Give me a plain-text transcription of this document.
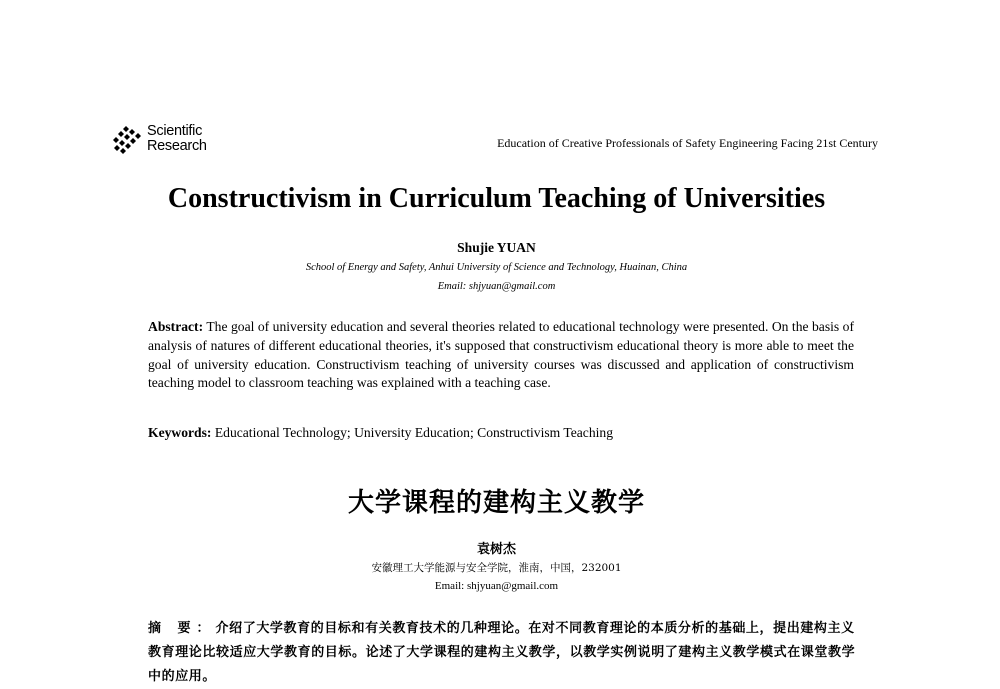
Scientific
Research	Education of Creative Professionals of Safety Engineering Facing 21st Century
Constructivism in Curriculum Teaching of Universities
Shujie YUAN
School of Energy and Safety, Anhui University of Science and Technology, Huainan, China
Email: shjyuan@gmail.com
Abstract: The goal of university education and several theories related to educational technology were presented. On the basis of analysis of natures of different educational theories, it's supposed that constructivism educational theory is more able to meet the goal of university education. Constructivism teaching of university courses was discussed and application of constructivism teaching model to classroom teaching was explained with a teaching case.
Keywords: Educational Technology; University Education; Constructivism Teaching
大学课程的建构主义教学
袁树杰
安徽理工大学能源与安全学院，淮南，中国，232001
Email: shjyuan@gmail.com
摘 要：介绍了大学教育的目标和有关教育技术的几种理论。在对不同教育理论的本质分析的基础上，提出建构主义教育理论比较适应大学教育的目标。论述了大学课程的建构主义教学，以教学实例说明了建构主义教学模式在课堂教学中的应用。
